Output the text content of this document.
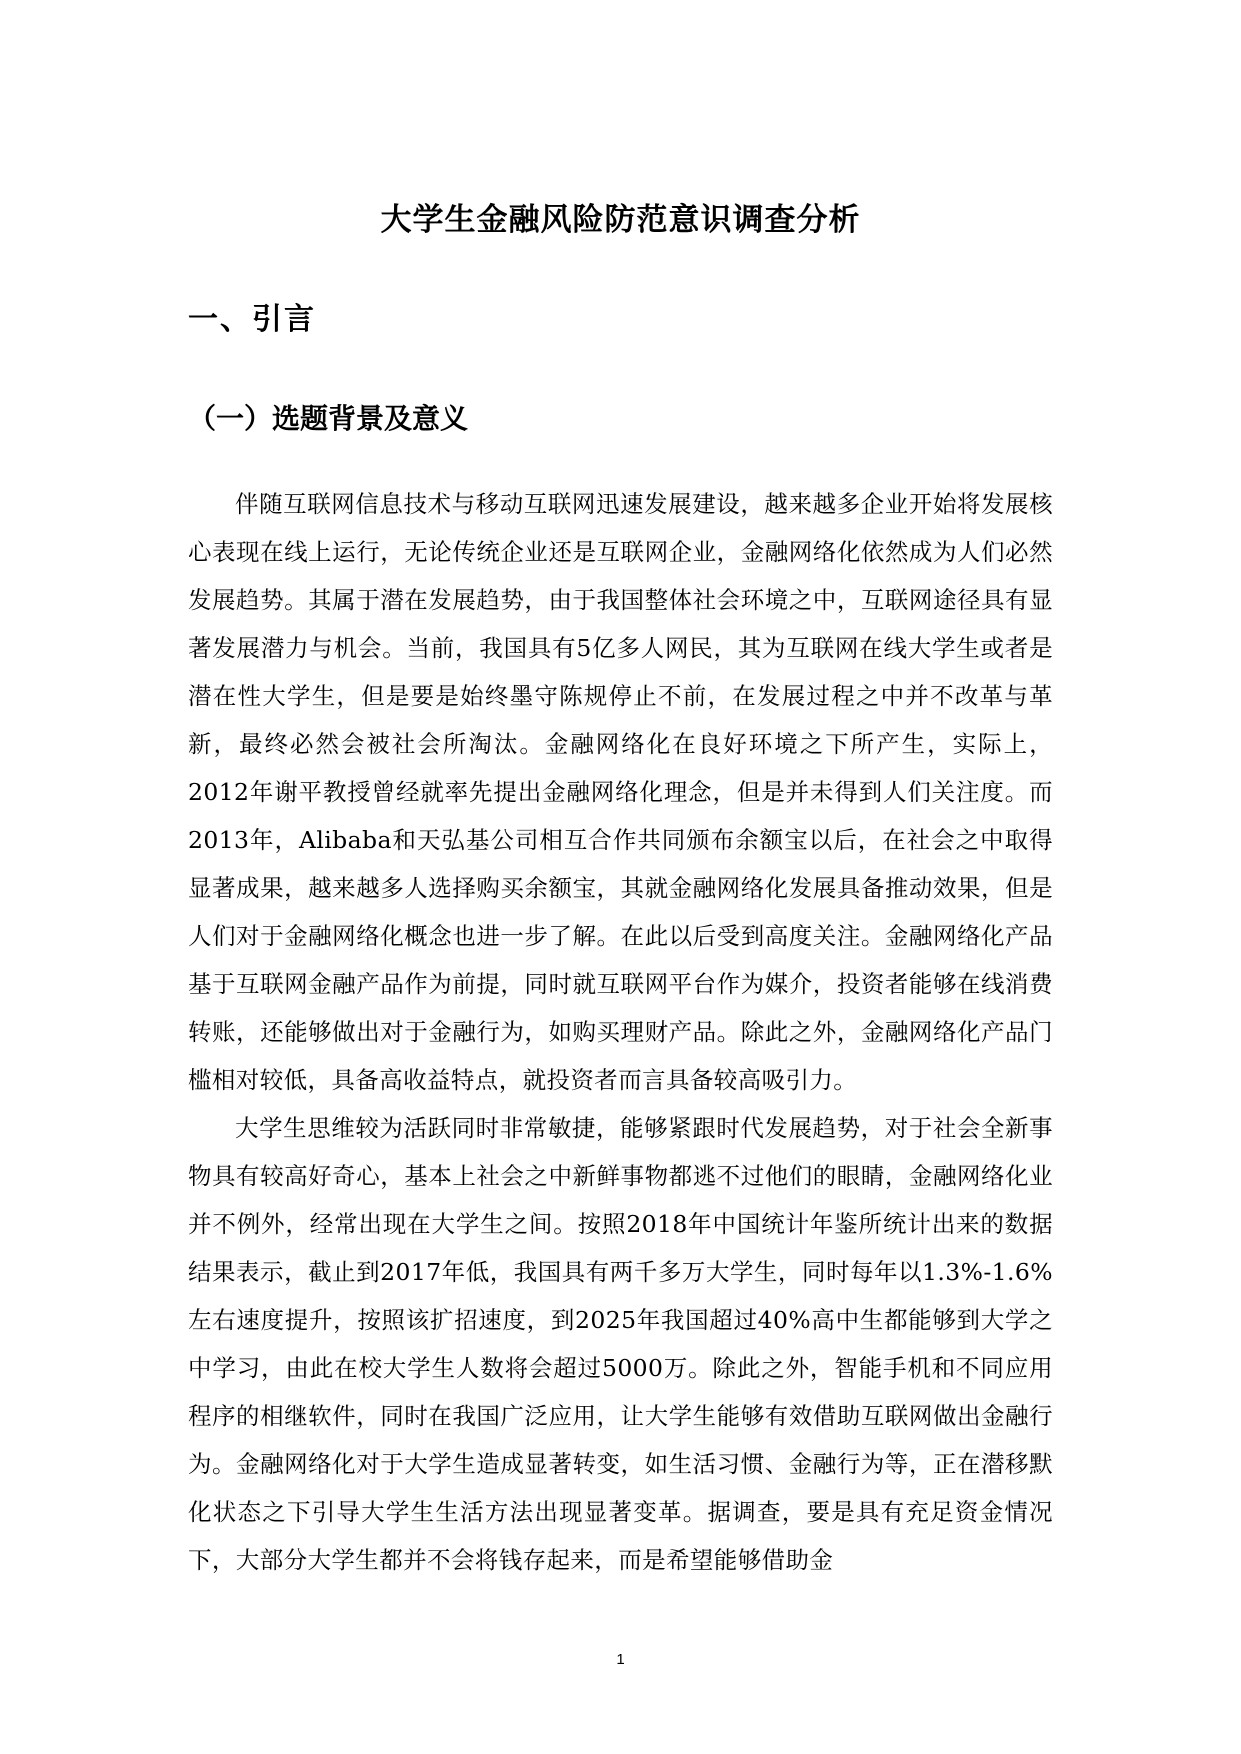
大学生金融风险防范意识调查分析
一、引言
（一）选题背景及意义

伴随互联网信息技术与移动互联网迅速发展建设，越来越多企业开始将发展核心表现在线上运行，无论传统企业还是互联网企业，金融网络化依然成为人们必然发展趋势。其属于潜在发展趋势，由于我国整体社会环境之中，互联网途径具有显著发展潜力与机会。当前，我国具有5亿多人网民，其为互联网在线大学生或者是潜在性大学生，但是要是始终墨守陈规停止不前，在发展过程之中并不改革与革新，最终必然会被社会所淘汰。金融网络化在良好环境之下所产生，实际上，2012年谢平教授曾经就率先提出金融网络化理念，但是并未得到人们关注度。而2013年，Alibaba和天弘基公司相互合作共同颁布余额宝以后，在社会之中取得显著成果，越来越多人选择购买余额宝，其就金融网络化发展具备推动效果，但是人们对于金融网络化概念也进一步了解。在此以后受到高度关注。金融网络化产品基于互联网金融产品作为前提，同时就互联网平台作为媒介，投资者能够在线消费转账，还能够做出对于金融行为，如购买理财产品。除此之外，金融网络化产品门槛相对较低，具备高收益特点，就投资者而言具备较高吸引力。

大学生思维较为活跃同时非常敏捷，能够紧跟时代发展趋势，对于社会全新事物具有较高好奇心，基本上社会之中新鲜事物都逃不过他们的眼睛，金融网络化业并不例外，经常出现在大学生之间。按照2018年中国统计年鉴所统计出来的数据结果表示，截止到2017年低，我国具有两千多万大学生，同时每年以1.3%-1.6%左右速度提升，按照该扩招速度，到2025年我国超过40%高中生都能够到大学之中学习，由此在校大学生人数将会超过5000万。除此之外，智能手机和不同应用程序的相继软件，同时在我国广泛应用，让大学生能够有效借助互联网做出金融行为。金融网络化对于大学生造成显著转变，如生活习惯、金融行为等，正在潜移默化状态之下引导大学生生活方法出现显著变革。据调查，要是具有充足资金情况下，大部分大学生都并不会将钱存起来，而是希望能够借助金

1
